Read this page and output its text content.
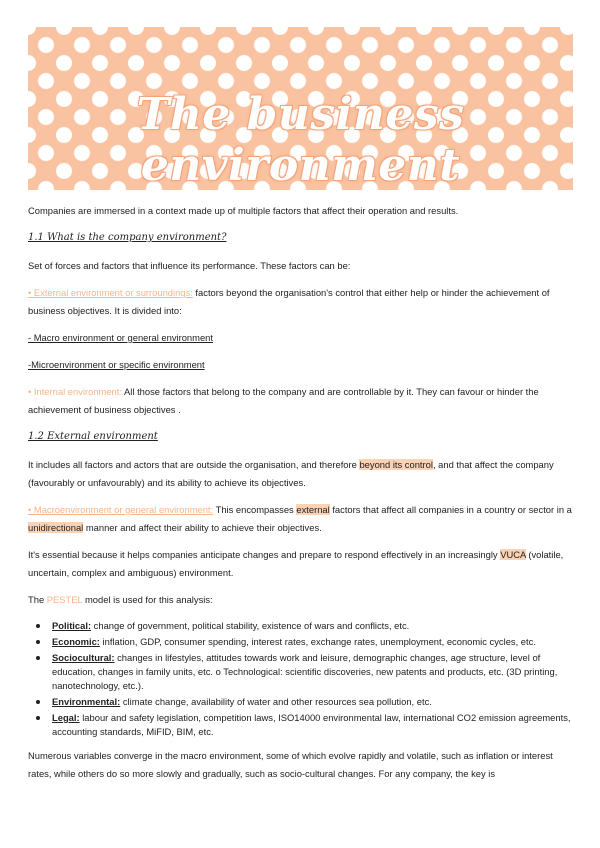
The business environment

Companies are immersed in a context made up of multiple factors that affect their operation and results.

1.1 What is the company environment?

Set of forces and factors that influence its performance. These factors can be:

• External environment or surroundings: factors beyond the organisation's control that either help or hinder the achievement of business objectives. It is divided into:

- Macro environment or general environment

-Microenvironment or specific environment

• Internal environment: All those factors that belong to the company and are controllable by it. They can favour or hinder the achievement of business objectives .

1.2 External environment

It includes all factors and actors that are outside the organisation, and therefore beyond its control, and that affect the company (favourably or unfavourably) and its ability to achieve its objectives.

• Macroenvironment or general environment: This encompasses external factors that affect all companies in a country or sector in a unidirectional manner and affect their ability to achieve their objectives.

It's essential because it helps companies anticipate changes and prepare to respond effectively in an increasingly VUCA (volatile, uncertain, complex and ambiguous) environment.

The PESTEL model is used for this analysis:

• Political: change of government, political stability, existence of wars and conflicts, etc.
• Economic: inflation, GDP, consumer spending, interest rates, exchange rates, unemployment, economic cycles, etc.
• Sociocultural: changes in lifestyles, attitudes towards work and leisure, demographic changes, age structure, level of education, changes in family units, etc. o Technological: scientific discoveries, new patents and products, etc. (3D printing, nanotechnology, etc.).
• Environmental: climate change, availability of water and other resources sea pollution, etc.
• Legal: labour and safety legislation, competition laws, ISO14000 environmental law, international CO2 emission agreements, accounting standards, MiFID, BIM, etc.

Numerous variables converge in the macro environment, some of which evolve rapidly and volatile, such as inflation or interest rates, while others do so more slowly and gradually, such as socio-cultural changes. For any company, the key is
